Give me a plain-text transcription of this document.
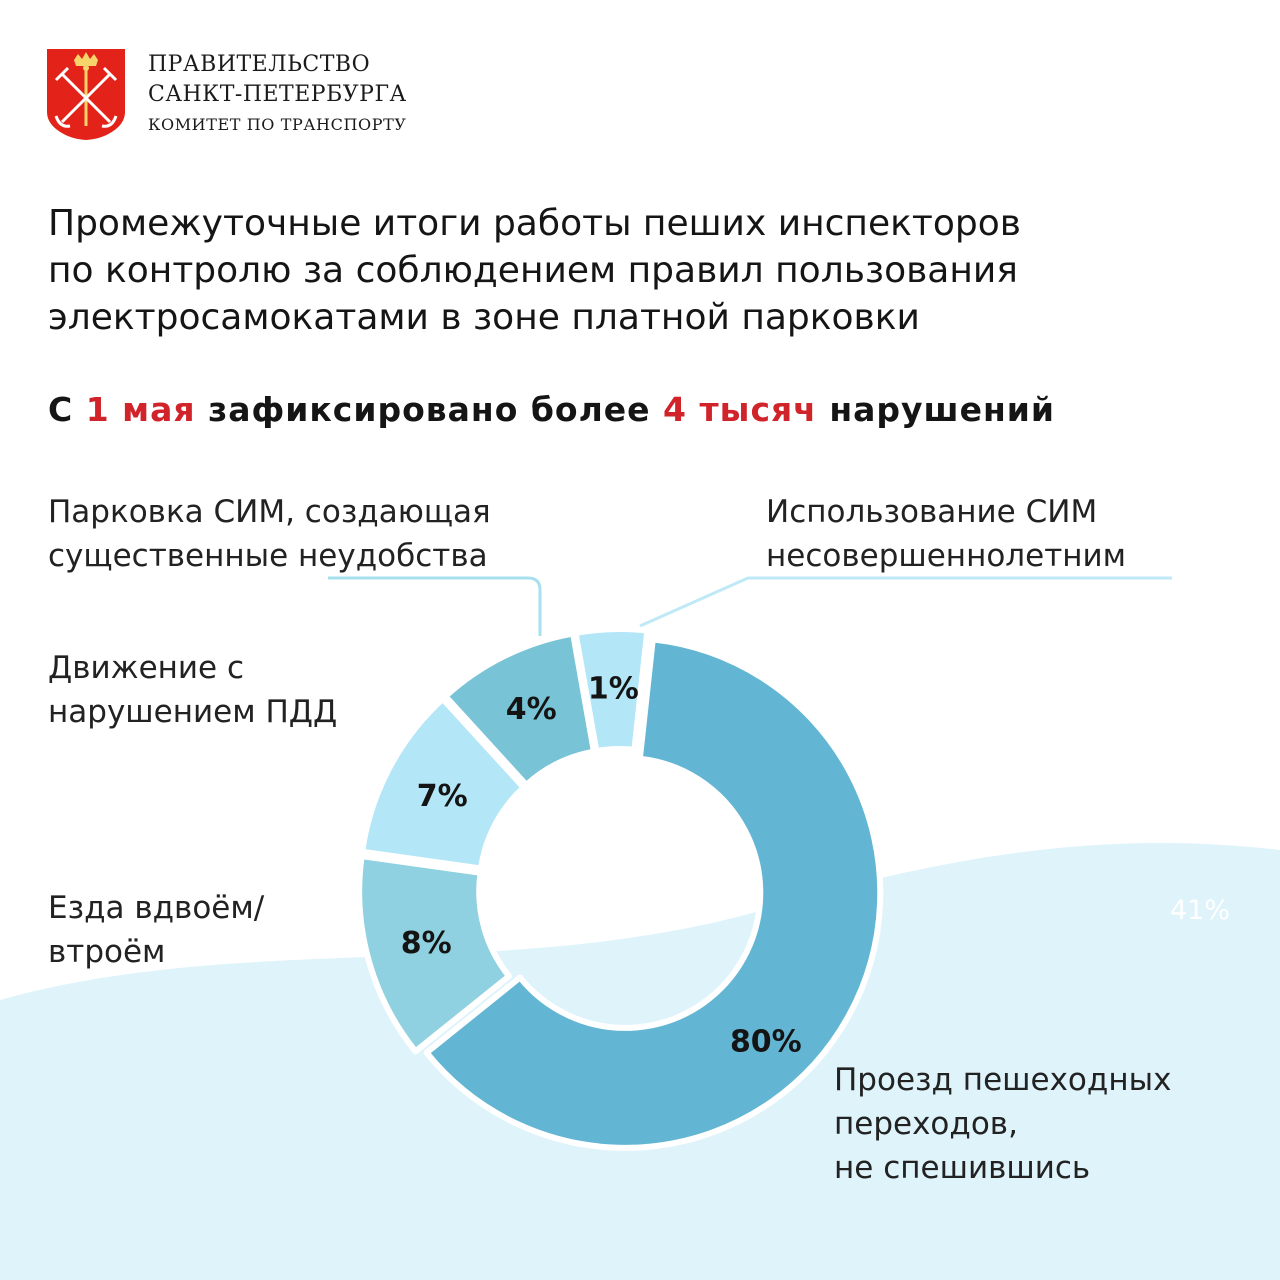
ПРАВИТЕЛЬСТВО
САНКТ-ПЕТЕРБУРГА
КОМИТЕТ ПО ТРАНСПОРТУ
Промежуточные итоги работы пеших инспекторов
по контролю за соблюдением правил пользования
электросамокатами в зоне платной парковки

С 1 мая зафиксировано более 4 тысяч нарушений

41%
1%
80%
8%
7%
4%
Использование СИМ
несовершеннолетним
Проезд пешеходных
переходов,
не спешившись
Езда вдвоём/
втроём
Движение с
нарушением ПДД
Парковка СИМ, создающая
существенные неудобства
